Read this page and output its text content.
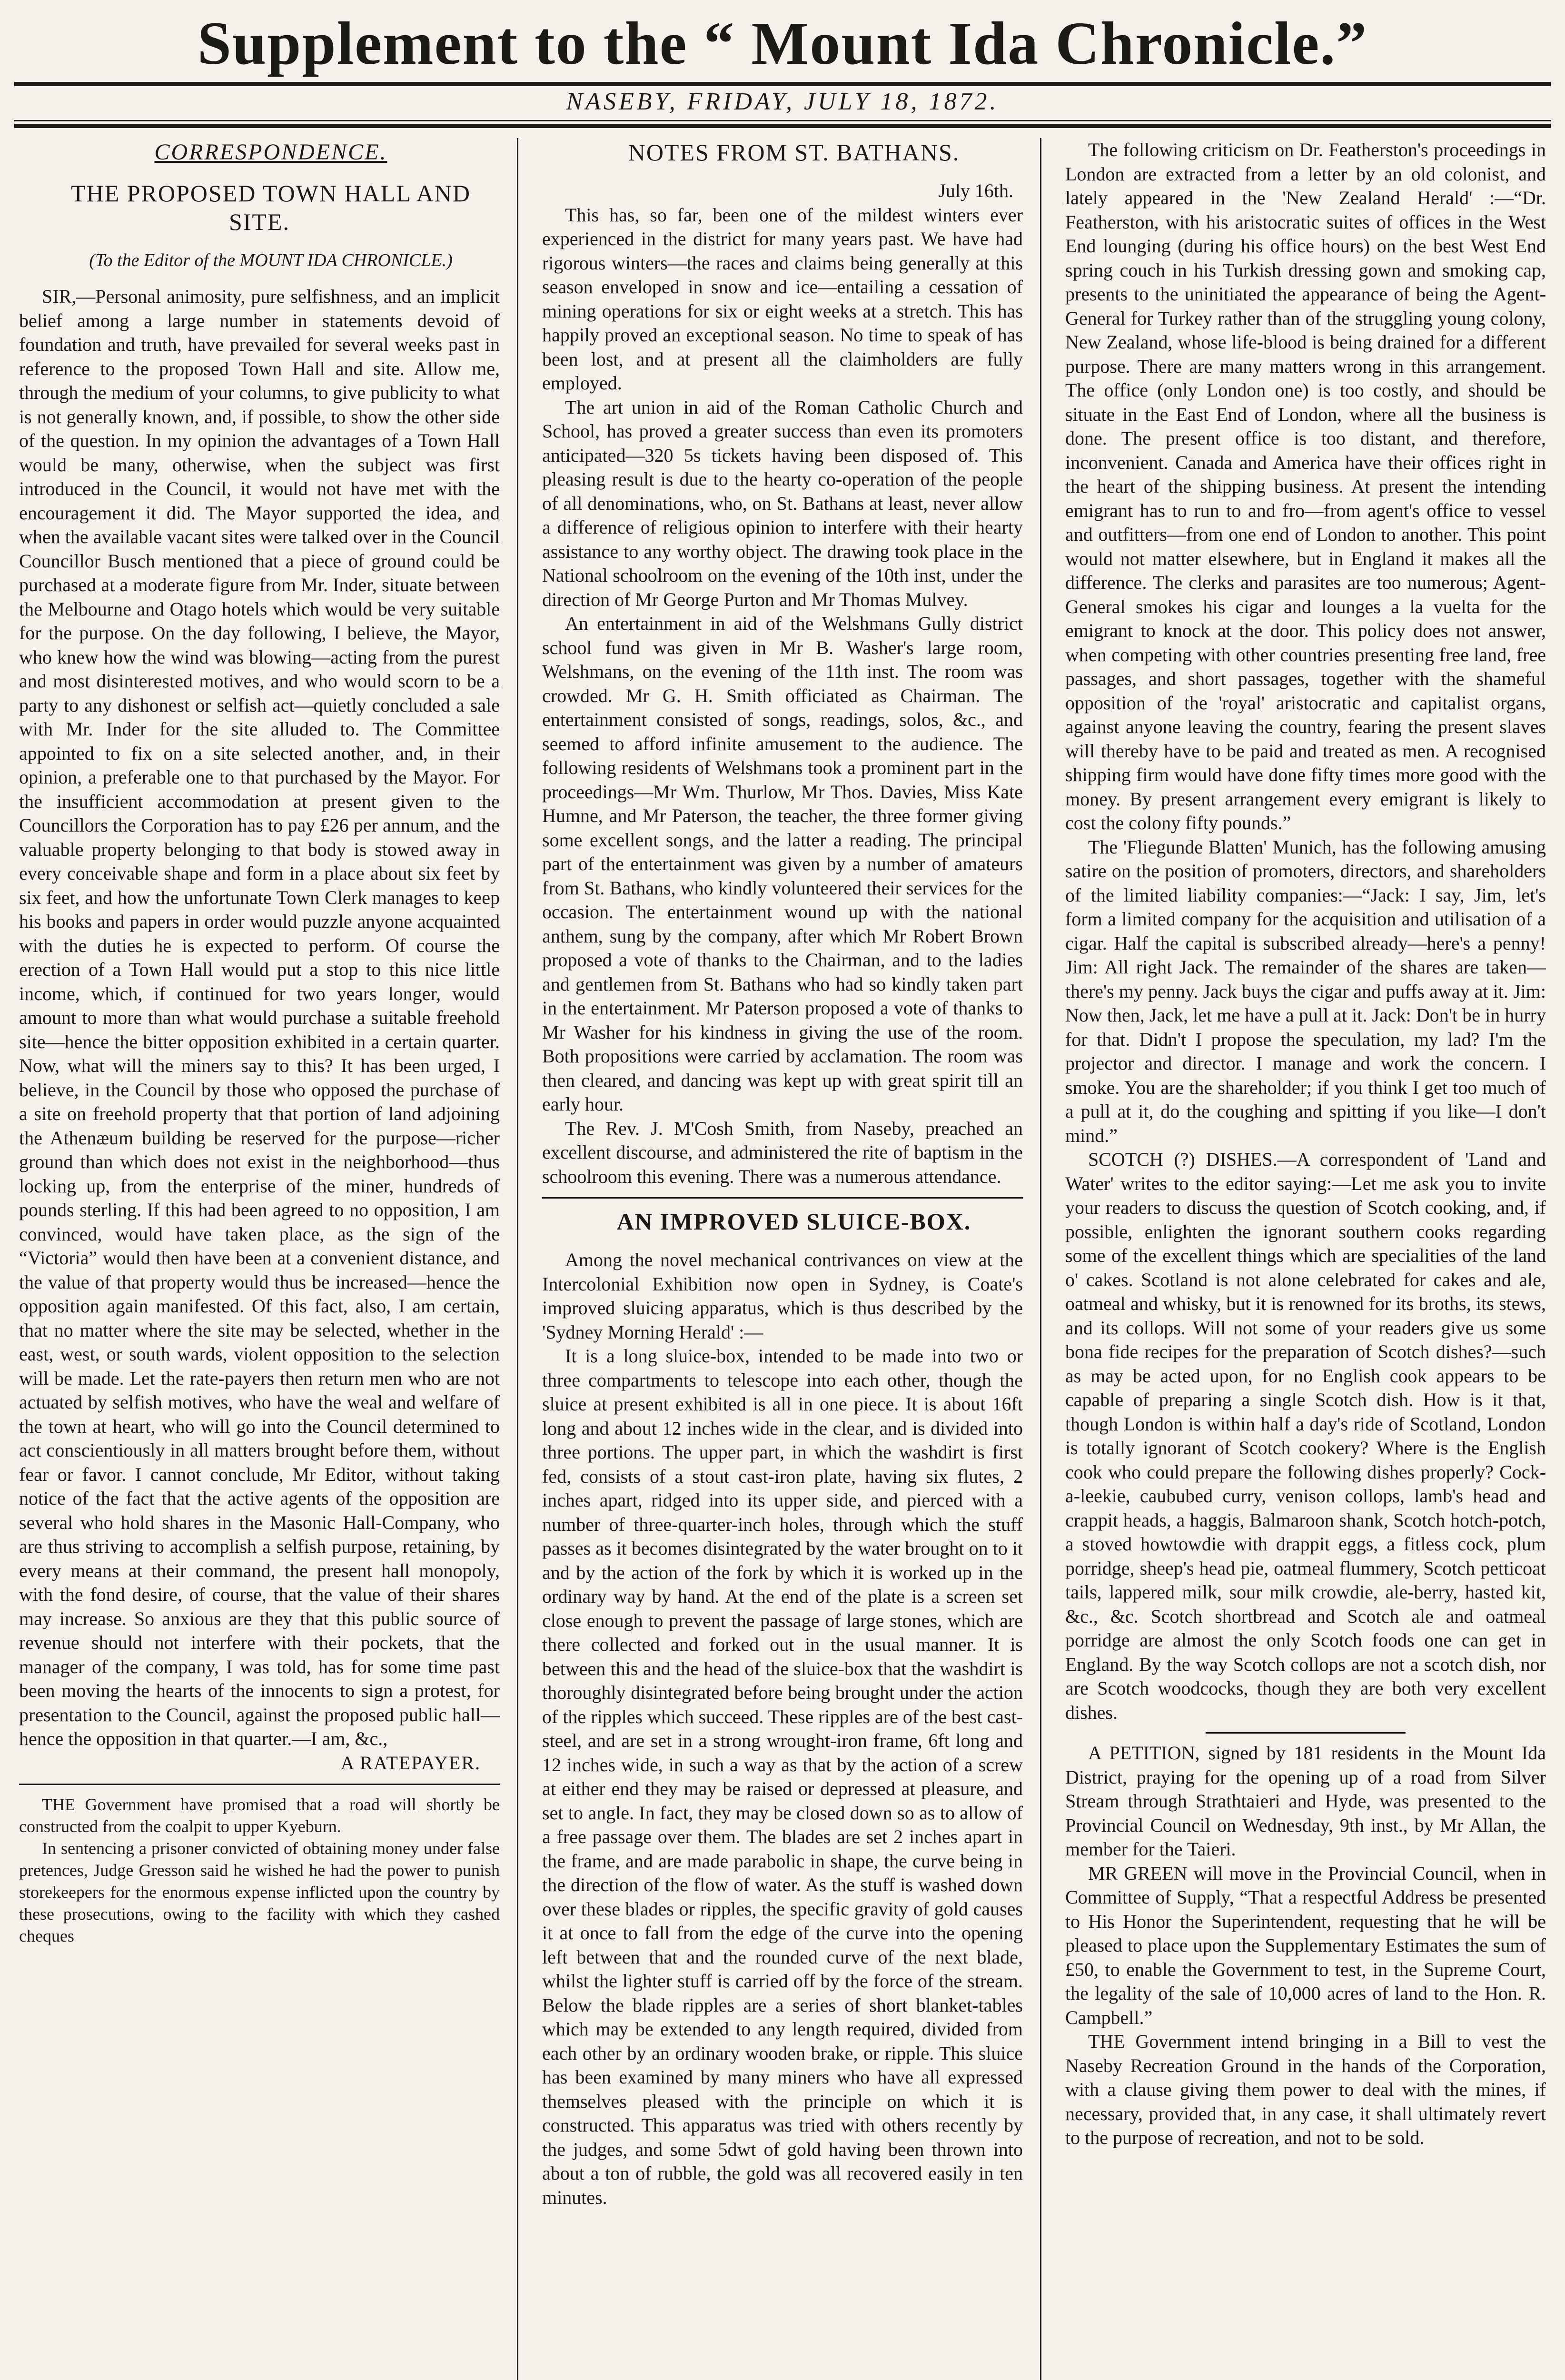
Supplement to the “ Mount Ida Chronicle.”
NASEBY, FRIDAY, JULY 18, 1872.

CORRESPONDENCE.

THE PROPOSED TOWN HALL AND SITE.

(To the Editor of the MOUNT IDA CHRONICLE.)

SIR,—Personal animosity, pure selfishness, and an implicit belief among a large number in statements devoid of foundation and truth, have prevailed for several weeks past in reference to the proposed Town Hall and site. Allow me, through the medium of your columns, to give publicity to what is not generally known, and, if possible, to show the other side of the question. In my opinion the advantages of a Town Hall would be many, otherwise, when the subject was first introduced in the Council, it would not have met with the encouragement it did. The Mayor supported the idea, and when the available vacant sites were talked over in the Council Councillor Busch mentioned that a piece of ground could be purchased at a moderate figure from Mr. Inder, situate between the Melbourne and Otago hotels which would be very suitable for the purpose. On the day following, I believe, the Mayor, who knew how the wind was blowing—acting from the purest and most disinterested motives, and who would scorn to be a party to any dishonest or selfish act—quietly concluded a sale with Mr. Inder for the site alluded to. The Committee appointed to fix on a site selected another, and, in their opinion, a preferable one to that purchased by the Mayor. For the insufficient accommodation at present given to the Councillors the Corporation has to pay £26 per annum, and the valuable property belonging to that body is stowed away in every conceivable shape and form in a place about six feet by six feet, and how the unfortunate Town Clerk manages to keep his books and papers in order would puzzle anyone acquainted with the duties he is expected to perform. Of course the erection of a Town Hall would put a stop to this nice little income, which, if continued for two years longer, would amount to more than what would purchase a suitable freehold site—hence the bitter opposition exhibited in a certain quarter. Now, what will the miners say to this? It has been urged, I believe, in the Council by those who opposed the purchase of a site on freehold property that that portion of land adjoining the Athenæum building be reserved for the purpose—richer ground than which does not exist in the neighborhood—thus locking up, from the enterprise of the miner, hundreds of pounds sterling. If this had been agreed to no opposition, I am convinced, would have taken place, as the sign of the “Victoria” would then have been at a convenient distance, and the value of that property would thus be increased—hence the opposition again manifested. Of this fact, also, I am certain, that no matter where the site may be selected, whether in the east, west, or south wards, violent opposition to the selection will be made. Let the rate-payers then return men who are not actuated by selfish motives, who have the weal and welfare of the town at heart, who will go into the Council determined to act conscientiously in all matters brought before them, without fear or favor. I cannot conclude, Mr Editor, without taking notice of the fact that the active agents of the opposition are several who hold shares in the Masonic Hall-Company, who are thus striving to accomplish a selfish purpose, retaining, by every means at their command, the present hall monopoly, with the fond desire, of course, that the value of their shares may increase. So anxious are they that this public source of revenue should not interfere with their pockets, that the manager of the company, I was told, has for some time past been moving the hearts of the innocents to sign a protest, for presentation to the Council, against the proposed public hall—hence the opposition in that quarter.—I am, &c.,

A RATEPAYER.

THE Government have promised that a road will shortly be constructed from the coalpit to upper Kyeburn.

In sentencing a prisoner convicted of obtaining money under false pretences, Judge Gresson said he wished he had the power to punish storekeepers for the enormous expense inflicted upon the country by these prosecutions, owing to the facility with which they cashed cheques

NOTES FROM ST. BATHANS.

July 16th.

This has, so far, been one of the mildest winters ever experienced in the district for many years past. We have had rigorous winters—the races and claims being generally at this season enveloped in snow and ice—entailing a cessation of mining operations for six or eight weeks at a stretch. This has happily proved an exceptional season. No time to speak of has been lost, and at present all the claimholders are fully employed.

The art union in aid of the Roman Catholic Church and School, has proved a greater success than even its promoters anticipated—320 5s tickets having been disposed of. This pleasing result is due to the hearty co-operation of the people of all denominations, who, on St. Bathans at least, never allow a difference of religious opinion to interfere with their hearty assistance to any worthy object. The drawing took place in the National schoolroom on the evening of the 10th inst, under the direction of Mr George Purton and Mr Thomas Mulvey.

An entertainment in aid of the Welshmans Gully district school fund was given in Mr B. Washer's large room, Welshmans, on the evening of the 11th inst. The room was crowded. Mr G. H. Smith officiated as Chairman. The entertainment consisted of songs, readings, solos, &c., and seemed to afford infinite amusement to the audience. The following residents of Welshmans took a prominent part in the proceedings—Mr Wm. Thurlow, Mr Thos. Davies, Miss Kate Humne, and Mr Paterson, the teacher, the three former giving some excellent songs, and the latter a reading. The principal part of the entertainment was given by a number of amateurs from St. Bathans, who kindly volunteered their services for the occasion. The entertainment wound up with the national anthem, sung by the company, after which Mr Robert Brown proposed a vote of thanks to the Chairman, and to the ladies and gentlemen from St. Bathans who had so kindly taken part in the entertainment. Mr Paterson proposed a vote of thanks to Mr Washer for his kindness in giving the use of the room. Both propositions were carried by acclamation. The room was then cleared, and dancing was kept up with great spirit till an early hour.

The Rev. J. M'Cosh Smith, from Naseby, preached an excellent discourse, and administered the rite of baptism in the schoolroom this evening. There was a numerous attendance.

AN IMPROVED SLUICE-BOX.

Among the novel mechanical contrivances on view at the Intercolonial Exhibition now open in Sydney, is Coate's improved sluicing apparatus, which is thus described by the 'Sydney Morning Herald' :—

It is a long sluice-box, intended to be made into two or three compartments to telescope into each other, though the sluice at present exhibited is all in one piece. It is about 16ft long and about 12 inches wide in the clear, and is divided into three portions. The upper part, in which the washdirt is first fed, consists of a stout cast-iron plate, having six flutes, 2 inches apart, ridged into its upper side, and pierced with a number of three-quarter-inch holes, through which the stuff passes as it becomes disintegrated by the water brought on to it and by the action of the fork by which it is worked up in the ordinary way by hand. At the end of the plate is a screen set close enough to prevent the passage of large stones, which are there collected and forked out in the usual manner. It is between this and the head of the sluice-box that the washdirt is thoroughly disintegrated before being brought under the action of the ripples which succeed. These ripples are of the best cast-steel, and are set in a strong wrought-iron frame, 6ft long and 12 inches wide, in such a way as that by the action of a screw at either end they may be raised or depressed at pleasure, and set to angle. In fact, they may be closed down so as to allow of a free passage over them. The blades are set 2 inches apart in the frame, and are made parabolic in shape, the curve being in the direction of the flow of water. As the stuff is washed down over these blades or ripples, the specific gravity of gold causes it at once to fall from the edge of the curve into the opening left between that and the rounded curve of the next blade, whilst the lighter stuff is carried off by the force of the stream. Below the blade ripples are a series of short blanket-tables which may be extended to any length required, divided from each other by an ordinary wooden brake, or ripple. This sluice has been examined by many miners who have all expressed themselves pleased with the principle on which it is constructed. This apparatus was tried with others recently by the judges, and some 5dwt of gold having been thrown into about a ton of rubble, the gold was all recovered easily in ten minutes.

The following criticism on Dr. Featherston's proceedings in London are extracted from a letter by an old colonist, and lately appeared in the 'New Zealand Herald' :—“Dr. Featherston, with his aristocratic suites of offices in the West End lounging (during his office hours) on the best West End spring couch in his Turkish dressing gown and smoking cap, presents to the uninitiated the appearance of being the Agent-General for Turkey rather than of the struggling young colony, New Zealand, whose life-blood is being drained for a different purpose. There are many matters wrong in this arrangement. The office (only London one) is too costly, and should be situate in the East End of London, where all the business is done. The present office is too distant, and therefore, inconvenient. Canada and America have their offices right in the heart of the shipping business. At present the intending emigrant has to run to and fro—from agent's office to vessel and outfitters—from one end of London to another. This point would not matter elsewhere, but in England it makes all the difference. The clerks and parasites are too numerous; Agent-General smokes his cigar and lounges a la vuelta for the emigrant to knock at the door. This policy does not answer, when competing with other countries presenting free land, free passages, and short passages, together with the shameful opposition of the 'royal' aristocratic and capitalist organs, against anyone leaving the country, fearing the present slaves will thereby have to be paid and treated as men. A recognised shipping firm would have done fifty times more good with the money. By present arrangement every emigrant is likely to cost the colony fifty pounds.”

The 'Fliegunde Blatten' Munich, has the following amusing satire on the position of promoters, directors, and shareholders of the limited liability companies:—“Jack: I say, Jim, let's form a limited company for the acquisition and utilisation of a cigar. Half the capital is subscribed already—here's a penny! Jim: All right Jack. The remainder of the shares are taken—there's my penny. Jack buys the cigar and puffs away at it. Jim: Now then, Jack, let me have a pull at it. Jack: Don't be in hurry for that. Didn't I propose the speculation, my lad? I'm the projector and director. I manage and work the concern. I smoke. You are the shareholder; if you think I get too much of a pull at it, do the coughing and spitting if you like—I don't mind.”

SCOTCH (?) DISHES.—A correspondent of 'Land and Water' writes to the editor saying:—Let me ask you to invite your readers to discuss the question of Scotch cooking, and, if possible, enlighten the ignorant southern cooks regarding some of the excellent things which are specialities of the land o' cakes. Scotland is not alone celebrated for cakes and ale, oatmeal and whisky, but it is renowned for its broths, its stews, and its collops. Will not some of your readers give us some bona fide recipes for the preparation of Scotch dishes?—such as may be acted upon, for no English cook appears to be capable of preparing a single Scotch dish. How is it that, though London is within half a day's ride of Scotland, London is totally ignorant of Scotch cookery? Where is the English cook who could prepare the following dishes properly? Cock-a-leekie, caububed curry, venison collops, lamb's head and crappit heads, a haggis, Balmaroon shank, Scotch hotch-potch, a stoved howtowdie with drappit eggs, a fitless cock, plum porridge, sheep's head pie, oatmeal flummery, Scotch petticoat tails, lappered milk, sour milk crowdie, ale-berry, hasted kit, &c., &c. Scotch shortbread and Scotch ale and oatmeal porridge are almost the only Scotch foods one can get in England. By the way Scotch collops are not a scotch dish, nor are Scotch woodcocks, though they are both very excellent dishes.

A PETITION, signed by 181 residents in the Mount Ida District, praying for the opening up of a road from Silver Stream through Strathtaieri and Hyde, was presented to the Provincial Council on Wednesday, 9th inst., by Mr Allan, the member for the Taieri.

MR GREEN will move in the Provincial Council, when in Committee of Supply, “That a respectful Address be presented to His Honor the Superintendent, requesting that he will be pleased to place upon the Supplementary Estimates the sum of £50, to enable the Government to test, in the Supreme Court, the legality of the sale of 10,000 acres of land to the Hon. R. Campbell.”

THE Government intend bringing in a Bill to vest the Naseby Recreation Ground in the hands of the Corporation, with a clause giving them power to deal with the mines, if necessary, provided that, in any case, it shall ultimately revert to the purpose of recreation, and not to be sold.
